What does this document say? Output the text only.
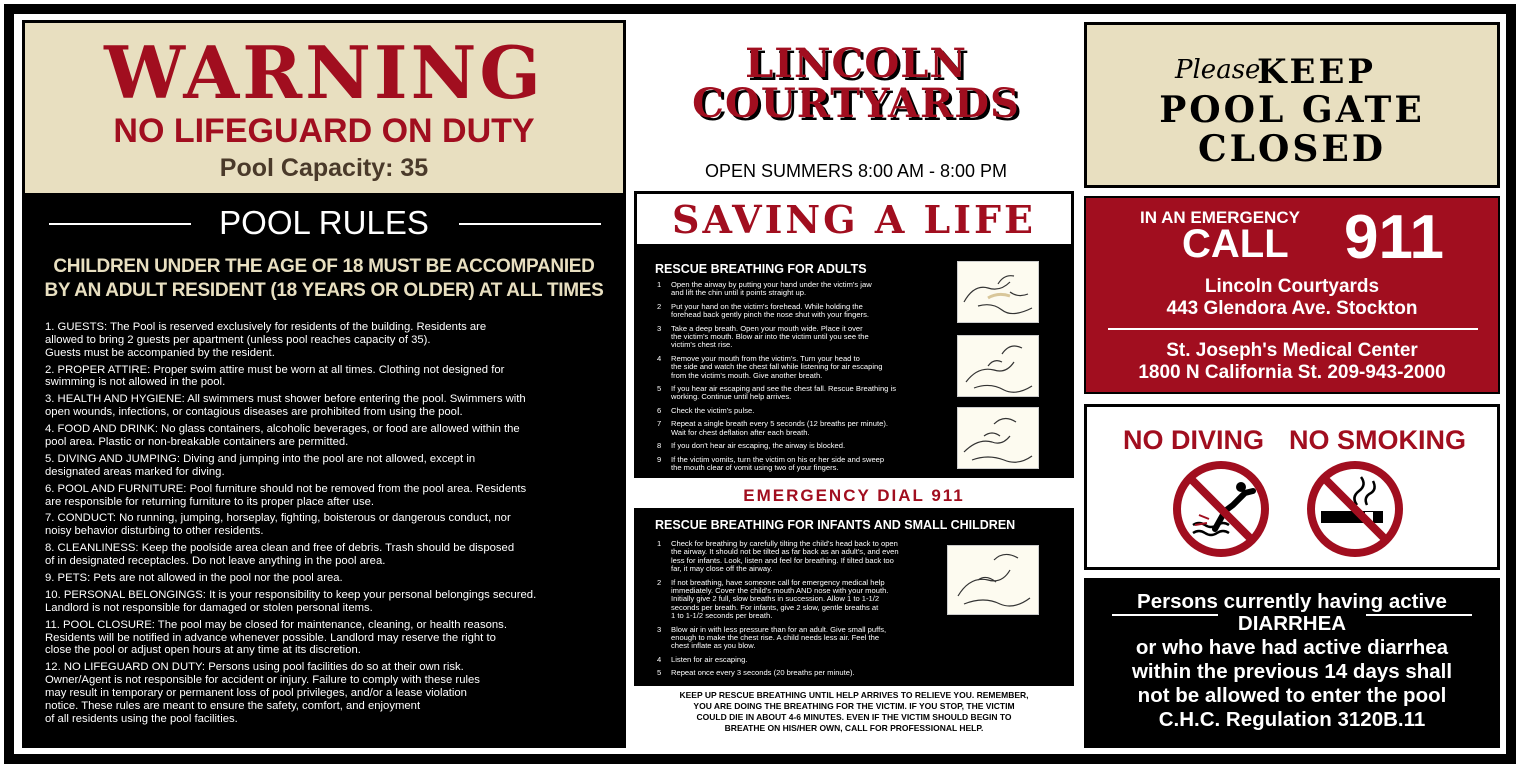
WARNING
NO LIFEGUARD ON DUTY
Pool Capacity: 35
POOL RULES
CHILDREN UNDER THE AGE OF 18 MUST BE ACCOMPANIED
BY AN ADULT RESIDENT (18 YEARS OR OLDER) AT ALL TIMES
1. GUESTS: The Pool is reserved exclusively for residents of the building. Residents are
allowed to bring 2 guests per apartment (unless pool reaches capacity of 35).
Guests must be accompanied by the resident.
2. PROPER ATTIRE: Proper swim attire must be worn at all times. Clothing not designed for
swimming is not allowed in the pool.
3. HEALTH AND HYGIENE: All swimmers must shower before entering the pool. Swimmers with
open wounds, infections, or contagious diseases are prohibited from using the pool.
4. FOOD AND DRINK: No glass containers, alcoholic beverages, or food are allowed within the
pool area. Plastic or non-breakable containers are permitted.
5. DIVING AND JUMPING: Diving and jumping into the pool are not allowed, except in
designated areas marked for diving.
6. POOL AND FURNITURE: Pool furniture should not be removed from the pool area. Residents
are responsible for returning furniture to its proper place after use.
7. CONDUCT: No running, jumping, horseplay, fighting, boisterous or dangerous conduct, nor
noisy behavior disturbing to other residents.
8. CLEANLINESS: Keep the poolside area clean and free of debris. Trash should be disposed
of in designated receptacles. Do not leave anything in the pool area.
9. PETS: Pets are not allowed in the pool nor the pool area.
10. PERSONAL BELONGINGS: It is your responsibility to keep your personal belongings secured.
Landlord is not responsible for damaged or stolen personal items.
11. POOL CLOSURE: The pool may be closed for maintenance, cleaning, or health reasons.
Residents will be notified in advance whenever possible. Landlord may reserve the right to
close the pool or adjust open hours at any time at its discretion.
12. NO LIFEGUARD ON DUTY: Persons using pool facilities do so at their own risk.
Owner/Agent is not responsible for accident or injury. Failure to comply with these rules
may result in temporary or permanent loss of pool privileges, and/or a lease violation
notice. These rules are meant to ensure the safety, comfort, and enjoyment
of all residents using the pool facilities.
LINCOLN
COURTYARDS
OPEN SUMMERS 8:00 AM - 8:00 PM
SAVING A LIFE
RESCUE BREATHING FOR ADULTS
1	Open the airway by putting your hand under the victim's jaw
and lift the chin until it points straight up.
2	Put your hand on the victim's forehead. While holding the
forehead back gently pinch the nose shut with your fingers.
3	Take a deep breath. Open your mouth wide. Place it over
the victim's mouth. Blow air into the victim until you see the
victim's chest rise.
4	Remove your mouth from the victim's. Turn your head to
the side and watch the chest fall while listening for air escaping
from the victim's mouth. Give another breath.
5	If you hear air escaping and see the chest fall. Rescue Breathing is
working. Continue until help arrives.
6	Check the victim's pulse.
7	Repeat a single breath every 5 seconds (12 breaths per minute).
Wait for chest deflation after each breath.
8	If you don't hear air escaping, the airway is blocked.
9	If the victim vomits, turn the victim on his or her side and sweep
the mouth clear of vomit using two of your fingers.
EMERGENCY DIAL 911
RESCUE BREATHING FOR INFANTS AND SMALL CHILDREN
1	Check for breathing by carefully tilting the child's head back to open
the airway. It should not be tilted as far back as an adult's, and even
less for infants. Look, listen and feel for breathing. If tilted back too
far, it may close off the airway.
2	If not breathing, have someone call for emergency medical help
immediately. Cover the child's mouth AND nose with your mouth.
Initially give 2 full, slow breaths in succession. Allow 1 to 1-1/2
seconds per breath. For infants, give 2 slow, gentle breaths at
1 to 1-1/2 seconds per breath.
3	Blow air in with less pressure than for an adult. Give small puffs,
enough to make the chest rise. A child needs less air. Feel the
chest inflate as you blow.
4	Listen for air escaping.
5	Repeat once every 3 seconds (20 breaths per minute).
KEEP UP RESCUE BREATHING UNTIL HELP ARRIVES TO RELIEVE YOU. REMEMBER,
YOU ARE DOING THE BREATHING FOR THE VICTIM. IF YOU STOP, THE VICTIM
COULD DIE IN ABOUT 4-6 MINUTES. EVEN IF THE VICTIM SHOULD BEGIN TO
BREATHE ON HIS/HER OWN, CALL FOR PROFESSIONAL HELP.
Please
KEEP
POOL GATE
CLOSED
IN AN EMERGENCY
CALL 911
Lincoln Courtyards
443 Glendora Ave. Stockton
St. Joseph's Medical Center
1800 N California St. 209-943-2000
NO DIVING NO SMOKING
Persons currently having active
DIARRHEA
or who have had active diarrhea
within the previous 14 days shall
not be allowed to enter the pool
C.H.C. Regulation 3120B.11
